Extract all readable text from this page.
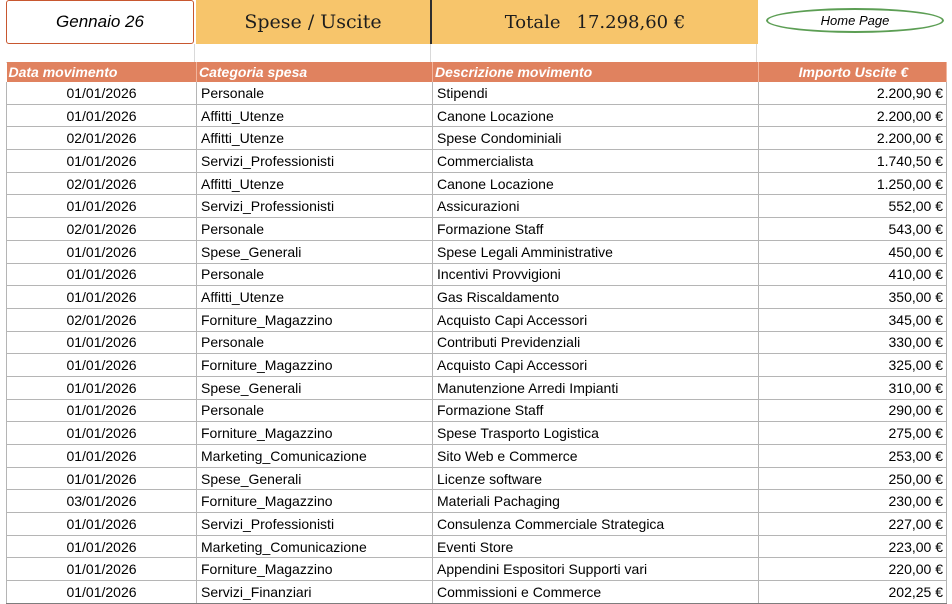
Gennaio 26	Spese / Uscite	Totale 17.298,60 €	Home Page
Data movimento	Categoria spesa	Descrizione movimento	Importo Uscite €
01/01/2026	Personale	Stipendi	2.200,90 €
01/01/2026	Affitti_Utenze	Canone Locazione	2.200,00 €
02/01/2026	Affitti_Utenze	Spese Condominiali	2.200,00 €
01/01/2026	Servizi_Professionisti	Commercialista	1.740,50 €
02/01/2026	Affitti_Utenze	Canone Locazione	1.250,00 €
01/01/2026	Servizi_Professionisti	Assicurazioni	552,00 €
02/01/2026	Personale	Formazione Staff	543,00 €
01/01/2026	Spese_Generali	Spese Legali Amministrative	450,00 €
01/01/2026	Personale	Incentivi Provvigioni	410,00 €
01/01/2026	Affitti_Utenze	Gas Riscaldamento	350,00 €
02/01/2026	Forniture_Magazzino	Acquisto Capi Accessori	345,00 €
01/01/2026	Personale	Contributi Previdenziali	330,00 €
01/01/2026	Forniture_Magazzino	Acquisto Capi Accessori	325,00 €
01/01/2026	Spese_Generali	Manutenzione Arredi Impianti	310,00 €
01/01/2026	Personale	Formazione Staff	290,00 €
01/01/2026	Forniture_Magazzino	Spese Trasporto Logistica	275,00 €
01/01/2026	Marketing_Comunicazione	Sito Web e Commerce	253,00 €
01/01/2026	Spese_Generali	Licenze software	250,00 €
03/01/2026	Forniture_Magazzino	Materiali Pachaging	230,00 €
01/01/2026	Servizi_Professionisti	Consulenza Commerciale Strategica	227,00 €
01/01/2026	Marketing_Comunicazione	Eventi Store	223,00 €
01/01/2026	Forniture_Magazzino	Appendini Espositori Supporti vari	220,00 €
01/01/2026	Servizi_Finanziari	Commissioni e Commerce	202,25 €
